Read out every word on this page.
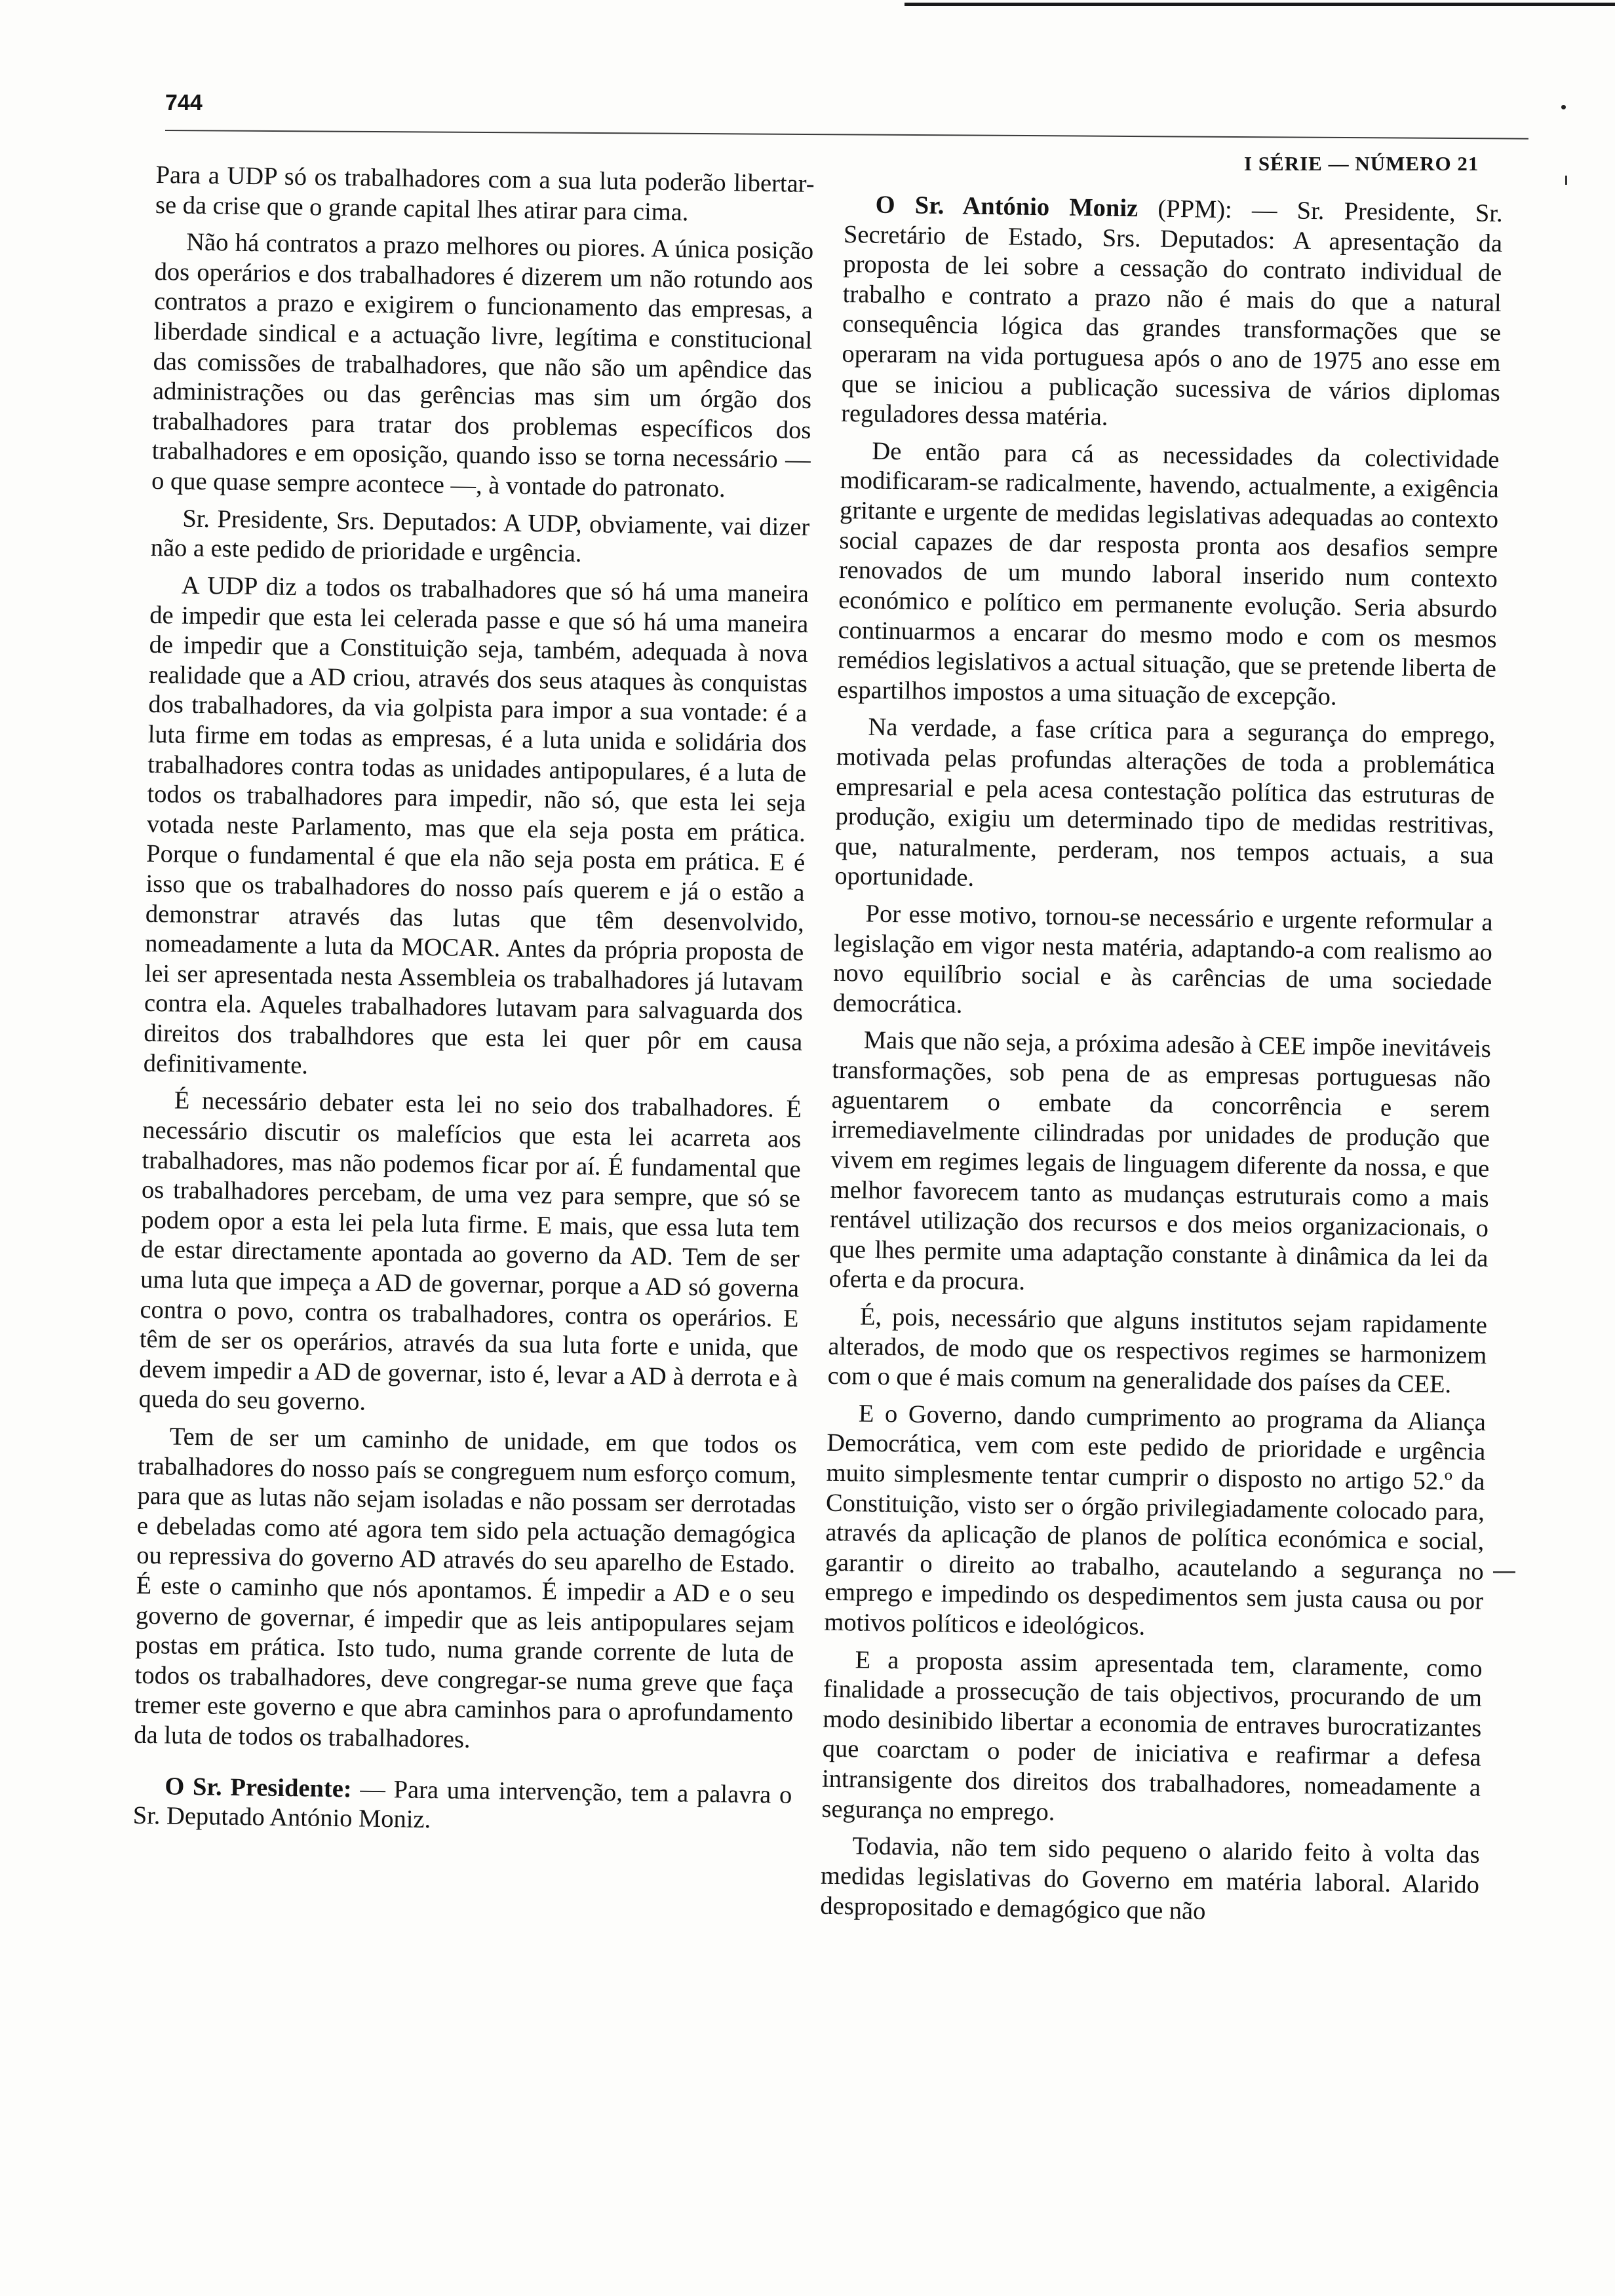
744
I SÉRIE — NÚMERO 21

Para a UDP só os trabalhadores com a sua luta poderão libertar-se da crise que o grande capital lhes atirar para cima.

Não há contratos a prazo melhores ou piores. A única posição dos operários e dos trabalhadores é dizerem um não rotundo aos contratos a prazo e exigirem o funcionamento das empresas, a liberdade sindical e a actuação livre, legítima e constitucional das comissões de trabalhadores, que não são um apêndice das administrações ou das gerências mas sim um órgão dos trabalhadores para tratar dos problemas específicos dos trabalhadores e em oposição, quando isso se torna necessário — o que quase sempre acontece —, à vontade do patronato.

Sr. Presidente, Srs. Deputados: A UDP, obviamente, vai dizer não a este pedido de prioridade e urgência.

A UDP diz a todos os trabalhadores que só há uma maneira de impedir que esta lei celerada passe e que só há uma maneira de impedir que a Constituição seja, também, adequada à nova realidade que a AD criou, através dos seus ataques às conquistas dos trabalhadores, da via golpista para impor a sua vontade: é a luta firme em todas as empresas, é a luta unida e solidária dos trabalhadores contra todas as unidades antipopulares, é a luta de todos os trabalhadores para impedir, não só, que esta lei seja votada neste Parlamento, mas que ela seja posta em prática. Porque o fundamental é que ela não seja posta em prática. E é isso que os trabalhadores do nosso país querem e já o estão a demonstrar através das lutas que têm desenvolvido, nomeadamente a luta da MOCAR. Antes da própria proposta de lei ser apresentada nesta Assembleia os trabalhadores já lutavam contra ela. Aqueles trabalhadores lutavam para salvaguarda dos direitos dos trabalhdores que esta lei quer pôr em causa definitivamente.

É necessário debater esta lei no seio dos trabalhadores. É necessário discutir os malefícios que esta lei acarreta aos trabalhadores, mas não podemos ficar por aí. É fundamental que os trabalhadores percebam, de uma vez para sempre, que só se podem opor a esta lei pela luta firme. E mais, que essa luta tem de estar directamente apontada ao governo da AD. Tem de ser uma luta que impeça a AD de governar, porque a AD só governa contra o povo, contra os trabalhadores, contra os operários. E têm de ser os operários, através da sua luta forte e unida, que devem impedir a AD de governar, isto é, levar a AD à derrota e à queda do seu governo.

Tem de ser um caminho de unidade, em que todos os trabalhadores do nosso país se congreguem num esforço comum, para que as lutas não sejam isoladas e não possam ser derrotadas e debeladas como até agora tem sido pela actuação demagógica ou repressiva do governo AD através do seu aparelho de Estado. É este o caminho que nós apontamos. É impedir a AD e o seu governo de governar, é impedir que as leis antipopulares sejam postas em prática. Isto tudo, numa grande corrente de luta de todos os trabalhadores, deve congregar-se numa greve que faça tremer este governo e que abra caminhos para o aprofundamento da luta de todos os trabalhadores.

O Sr. Presidente: — Para uma intervenção, tem a palavra o Sr. Deputado António Moniz.

O Sr. António Moniz (PPM): — Sr. Presidente, Sr. Secretário de Estado, Srs. Deputados: A apresentação da proposta de lei sobre a cessação do contrato individual de trabalho e contrato a prazo não é mais do que a natural consequência lógica das grandes transformações que se operaram na vida portuguesa após o ano de 1975 ano esse em que se iniciou a publicação sucessiva de vários diplomas reguladores dessa matéria.

De então para cá as necessidades da colectividade modificaram-se radicalmente, havendo, actualmente, a exigência gritante e urgente de medidas legislativas adequadas ao contexto social capazes de dar resposta pronta aos desafios sempre renovados de um mundo laboral inserido num contexto económico e político em permanente evolução. Seria absurdo continuarmos a encarar do mesmo modo e com os mesmos remédios legislativos a actual situação, que se pretende liberta de espartilhos impostos a uma situação de excepção.

Na verdade, a fase crítica para a segurança do emprego, motivada pelas profundas alterações de toda a problemática empresarial e pela acesa contestação política das estruturas de produção, exigiu um determinado tipo de medidas restritivas, que, naturalmente, perderam, nos tempos actuais, a sua oportunidade.

Por esse motivo, tornou-se necessário e urgente reformular a legislação em vigor nesta matéria, adaptando-a com realismo ao novo equilíbrio social e às carências de uma sociedade democrática.

Mais que não seja, a próxima adesão à CEE impõe inevitáveis transformações, sob pena de as empresas portuguesas não aguentarem o embate da concorrência e serem irremediavelmente cilindradas por unidades de produção que vivem em regimes legais de linguagem diferente da nossa, e que melhor favorecem tanto as mudanças estruturais como a mais rentável utilização dos recursos e dos meios organizacionais, o que lhes permite uma adaptação constante à dinâmica da lei da oferta e da procura.

É, pois, necessário que alguns institutos sejam rapidamente alterados, de modo que os respectivos regimes se harmonizem com o que é mais comum na generalidade dos países da CEE.

E o Governo, dando cumprimento ao programa da Aliança Democrática, vem com este pedido de prioridade e urgência muito simplesmente tentar cumprir o disposto no artigo 52.º da Constituição, visto ser o órgão privilegiadamente colocado para, através da aplicação de planos de política económica e social, garantir o direito ao trabalho, acautelando a segurança no emprego e impedindo os despedimentos sem justa causa ou por motivos políticos e ideológicos.

E a proposta assim apresentada tem, claramente, como finalidade a prossecução de tais objectivos, procurando de um modo desinibido libertar a economia de entraves burocratizantes que coarctam o poder de iniciativa e reafirmar a defesa intransigente dos direitos dos trabalhadores, nomeadamente a segurança no emprego.

Todavia, não tem sido pequeno o alarido feito à volta das medidas legislativas do Governo em matéria laboral. Alarido despropositado e demagógico que não
